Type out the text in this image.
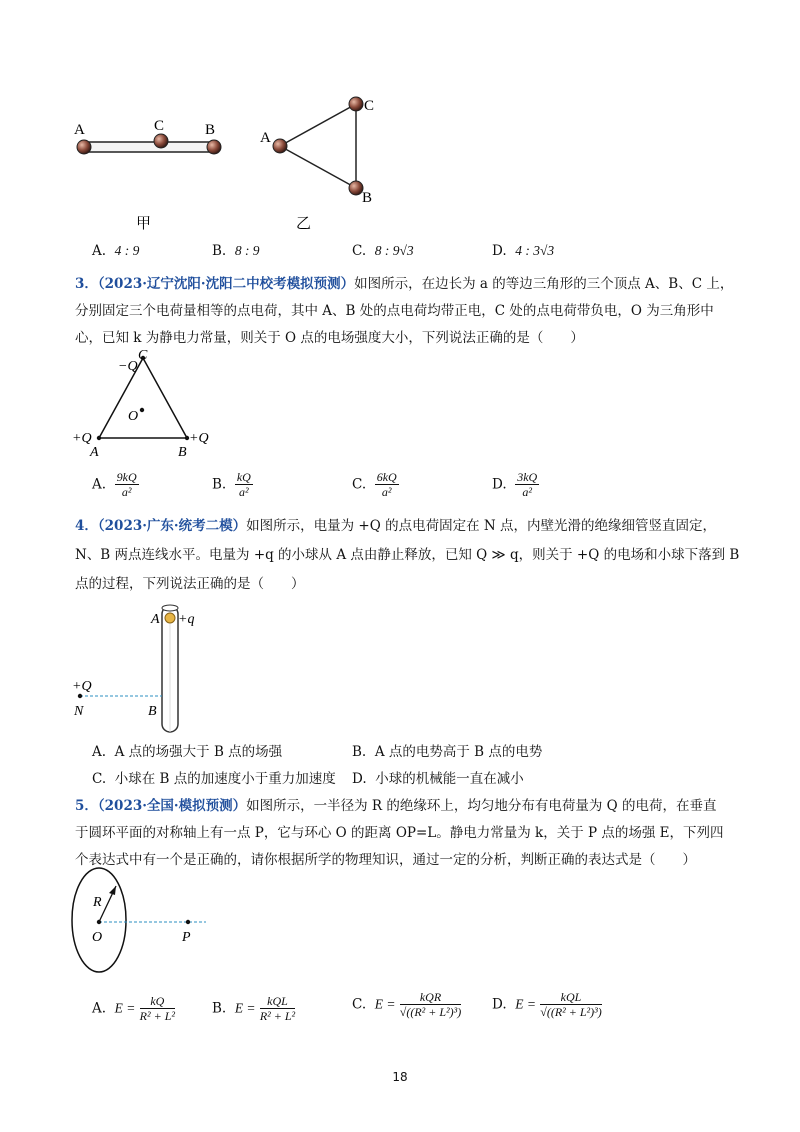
A	C	B	A
C
B
甲	乙
A. 4 : 9	B. 8 : 9	C. 8 : 9√3	D. 4 : 3√3
3．（2023·辽宁沈阳·沈阳二中校考模拟预测）如图所示，在边长为 a 的等边三角形的三个顶点 A、B、C 上，
分别固定三个电荷量相等的点电荷，其中 A、B 处的点电荷均带正电，C 处的点电荷带负电，O 为三角形中
心，已知 k 为静电力常量，则关于 O 点的电场强度大小，下列说法正确的是（　　）
−Q
C
O
+Q
A
+Q
B
A. $\frac{9kQ}{\text{a²}}$	B. $\frac{kQ}{\text{a²}}$	C. $\frac{6kQ}{\text{a²}}$	D. $\frac{3kQ}{\text{a²}}$
4．（2023·广东·统考二模）如图所示，电量为 +Q 的点电荷固定在 N 点，内壁光滑的绝缘细管竖直固定，
N、B 两点连线水平。电量为 +q 的小球从 A 点由静止释放，已知 Q ≫ q，则关于 +Q 的电场和小球下落到 B
点的过程，下列说法正确的是（　　）
A +q
+Q
N	B
A. A 点的场强大于 B 点的场强	B. A 点的电势高于 B 点的电势
C. 小球在 B 点的加速度小于重力加速度 D. 小球的机械能一直在减小
5．（2023·全国·模拟预测）如图所示，一半径为 R 的绝缘环上，均匀地分布有电荷量为 Q 的电荷，在垂直
于圆环平面的对称轴上有一点 P，它与环心 O 的距离 OP=L。静电力常量为 k，关于 P 点的场强 E，下列四
个表达式中有一个是正确的，请你根据所学的物理知识，通过一定的分析，判断正确的表达式是（　　）
R
O	P
A. $E = \frac{kQ}{\text{R² + L²}}$	B. $E = \frac{\text{kQL}}{\text{R² + L²}}$	C. $E = \frac{\text{kQR}}{\text{√((R² + L²)³)}} D$. $E = \frac{\text{kQL}}{\text{√((R² + L²)³)}}$
18
